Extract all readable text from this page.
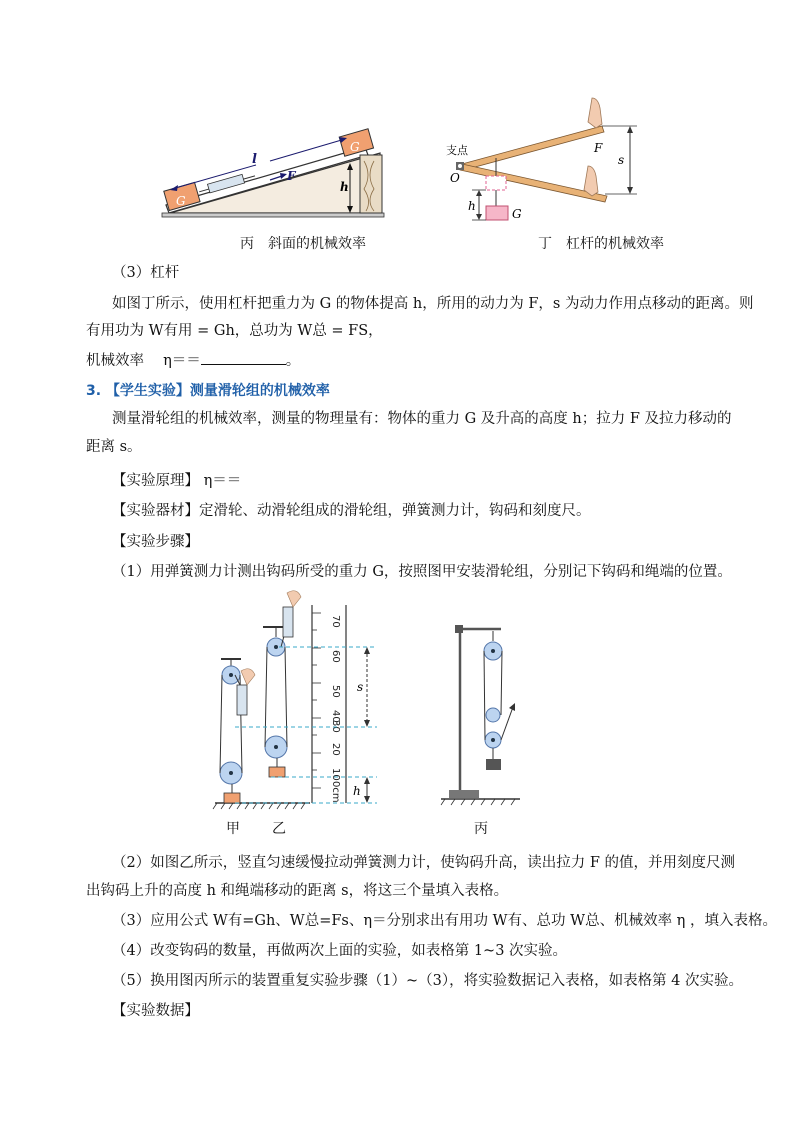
l
F
G
G
h
支点
O
F
s
h
G
丙　斜面的机械效率	丁　杠杆的机械效率
（3）杠杆
如图丁所示，使用杠杆把重力为 G 的物体提高 h，所用的动力为 F，s 为动力作用点移动的距离。则
有用功为 W有用 = Gh，总功为 W总 = FS，
机械效率　 η＝＝	。
3. 【学生实验】测量滑轮组的机械效率
测量滑轮组的机械效率，测量的物理量有：物体的重力 G 及升高的高度 h；拉力 F 及拉力移动的
距离 s。
【实验原理】 η＝＝
【实验器材】定滑轮、动滑轮组成的滑轮组，弹簧测力计，钩码和刻度尺。
【实验步骤】
（1）用弹簧测力计测出钩码所受的重力 G，按照图甲安装滑轮组，分别记下钩码和绳端的位置。
70
60
50
40
30
20
10
0cm
s
h
甲 乙	丙
（2）如图乙所示，竖直匀速缓慢拉动弹簧测力计，使钩码升高，读出拉力 F 的值，并用刻度尺测
出钩码上升的高度 h 和绳端移动的距离 s，将这三个量填入表格。
（3）应用公式 W有=Gh、W总=Fs、η＝分别求出有用功 W有、总功 W总、机械效率 η ，填入表格。
（4）改变钩码的数量，再做两次上面的实验，如表格第 1~3 次实验。
（5）换用图丙所示的装置重复实验步骤（1）~（3），将实验数据记入表格，如表格第 4 次实验。
【实验数据】
